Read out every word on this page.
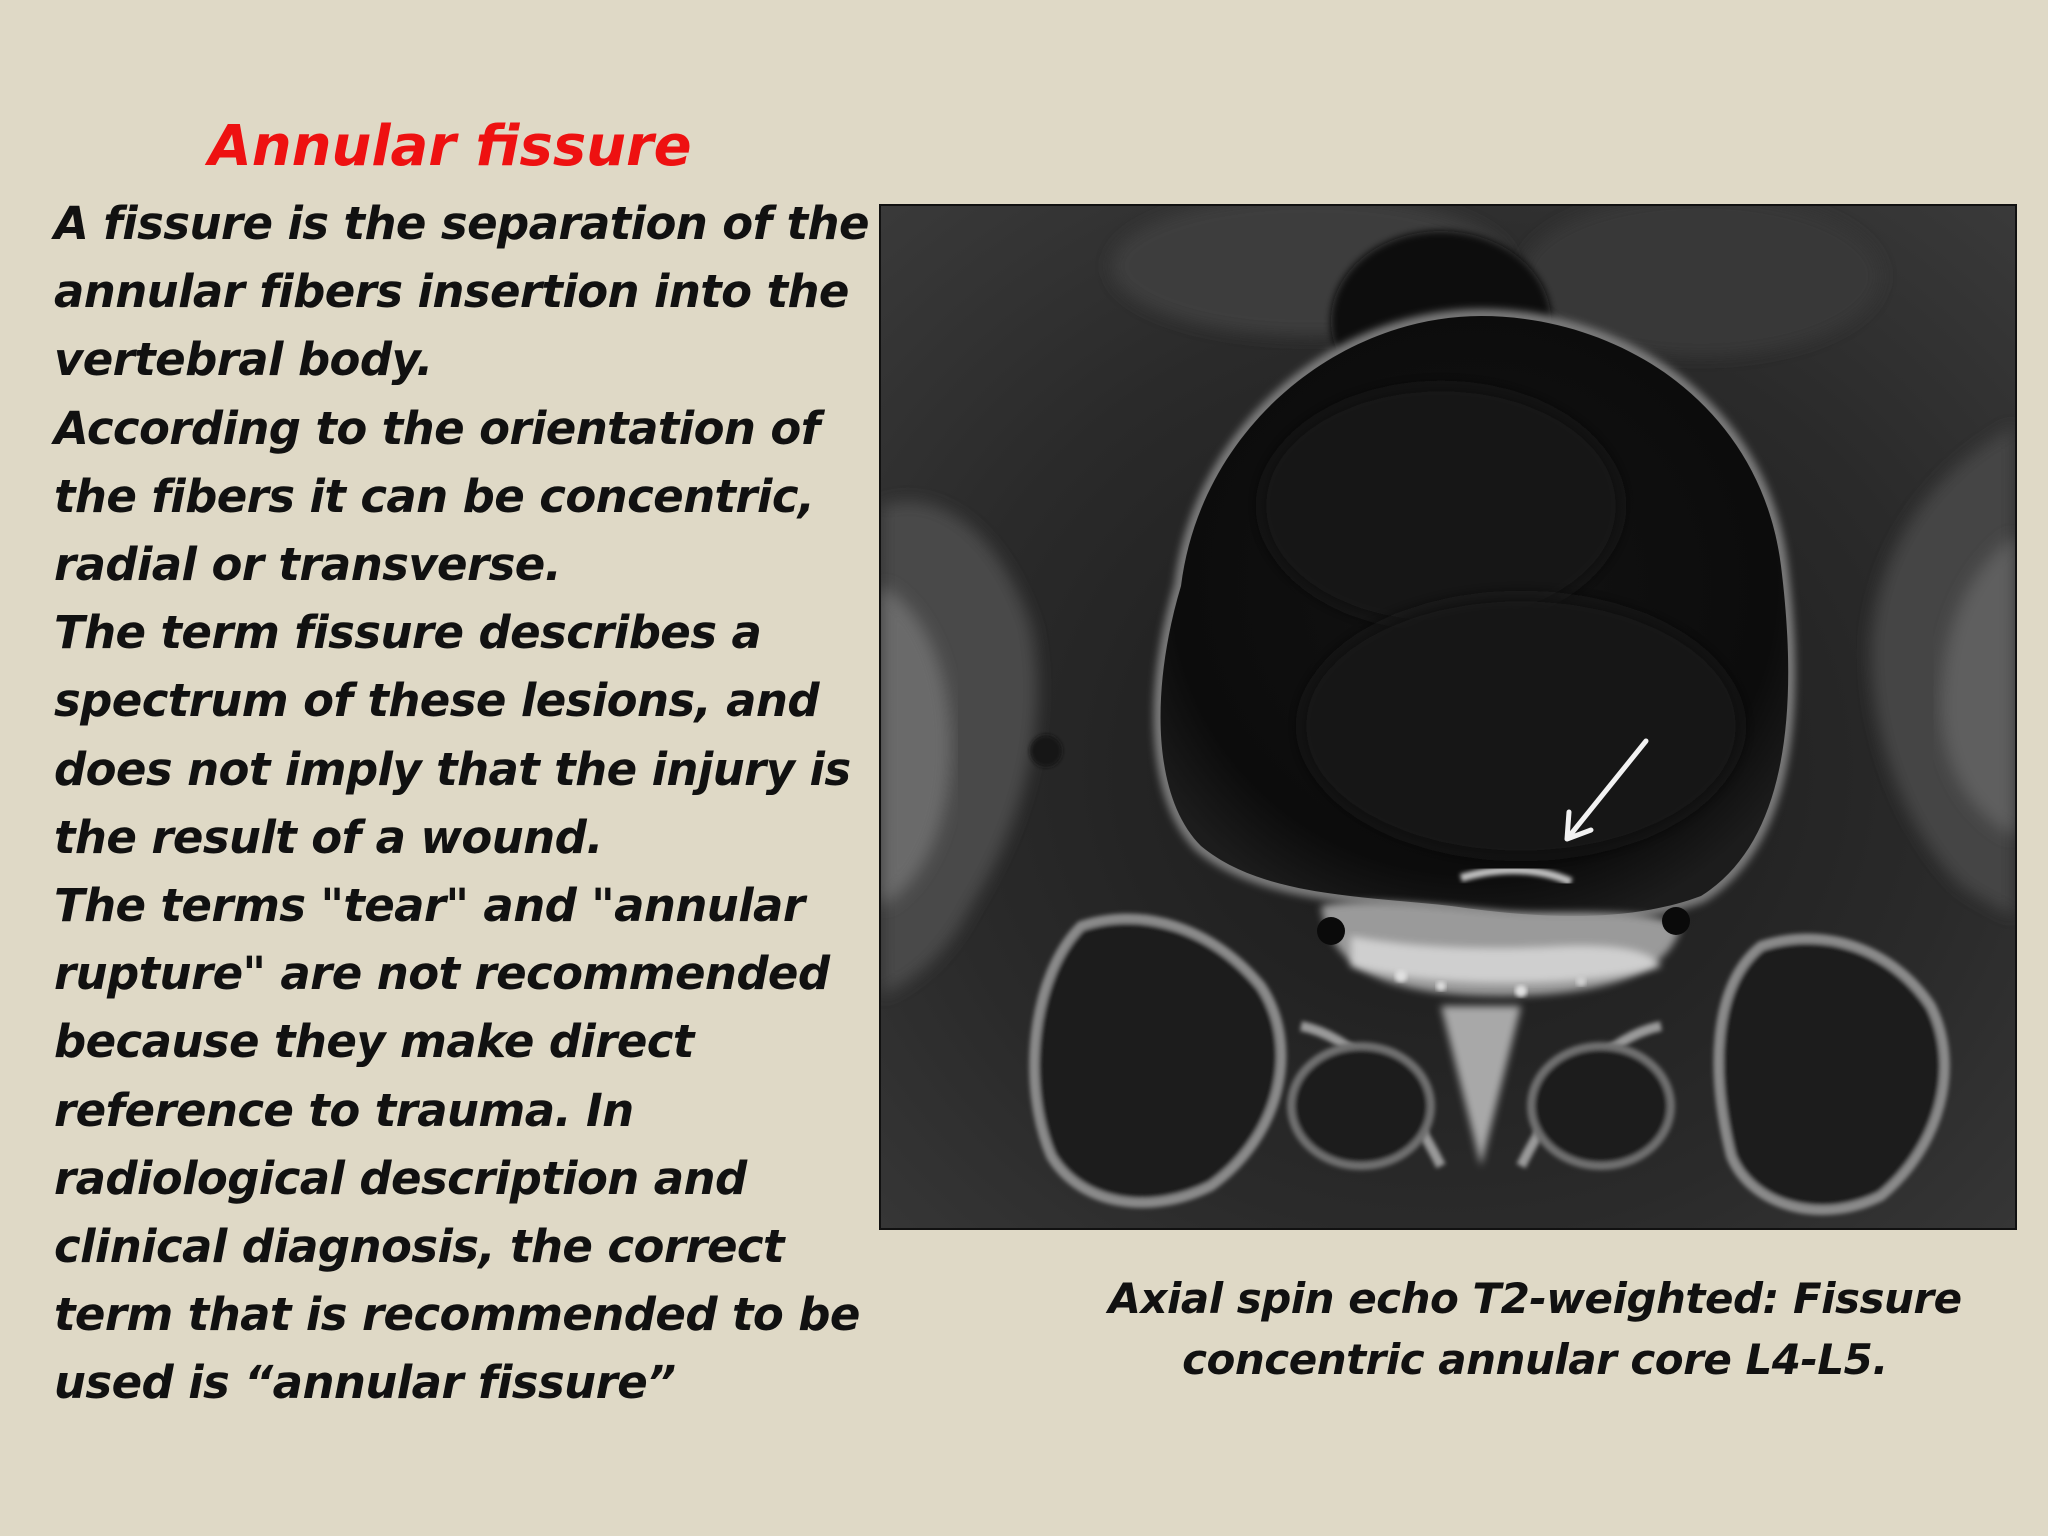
Annular fissure
A fissure is the separation of the
annular fibers insertion into the
vertebral body.
According to the orientation of
the fibers it can be concentric,
radial or transverse.
The term fissure describes a
spectrum of these lesions, and
does not imply that the injury is
the result of a wound.
The terms "tear" and "annular
rupture" are not recommended
because they make direct
reference to trauma. In
radiological description and
clinical diagnosis, the correct
term that is recommended to be
used is “annular fissure”
Axial spin echo T2-weighted: Fissure
concentric annular core L4-L5.
